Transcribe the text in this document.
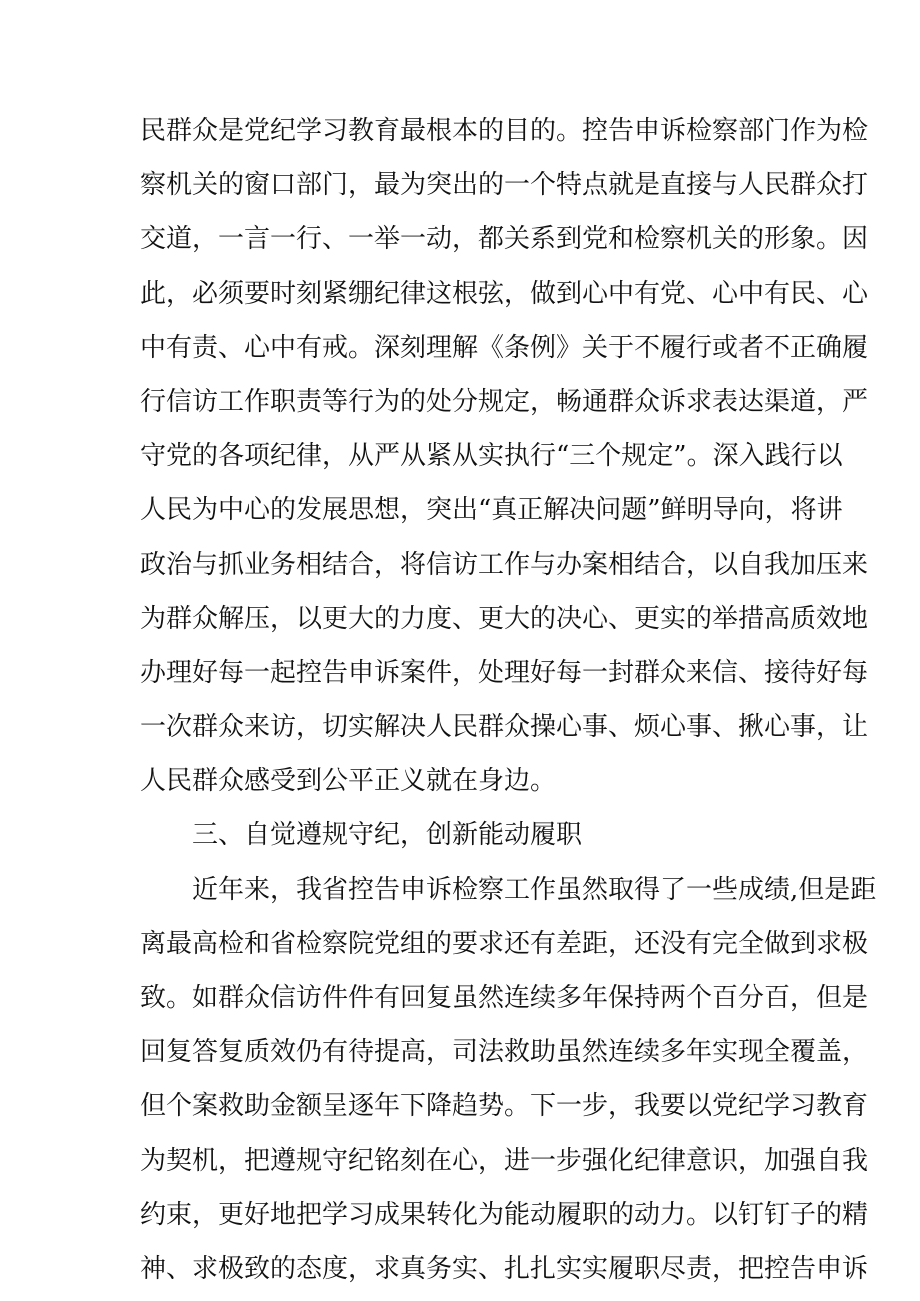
民群众是党纪学习教育最根本的目的。控告申诉检察部门作为检
察机关的窗口部门，最为突出的一个特点就是直接与人民群众打
交道，一言一行、一举一动，都关系到党和检察机关的形象。因
此，必须要时刻紧绷纪律这根弦，做到心中有党、心中有民、心
中有责、心中有戒。深刻理解《条例》关于不履行或者不正确履
行信访工作职责等行为的处分规定，畅通群众诉求表达渠道，严
守党的各项纪律，从严从紧从实执行“三个规定”。深入践行以
人民为中心的发展思想，突出“真正解决问题”鲜明导向，将讲
政治与抓业务相结合，将信访工作与办案相结合，以自我加压来
为群众解压，以更大的力度、更大的决心、更实的举措高质效地
办理好每一起控告申诉案件，处理好每一封群众来信、接待好每
一次群众来访，切实解决人民群众操心事、烦心事、揪心事，让
人民群众感受到公平正义就在身边。
三、自觉遵规守纪，创新能动履职
近年来，我省控告申诉检察工作虽然取得了一些成绩,但是距
离最高检和省检察院党组的要求还有差距，还没有完全做到求极
致。如群众信访件件有回复虽然连续多年保持两个百分百，但是
回复答复质效仍有待提高，司法救助虽然连续多年实现全覆盖，
但个案救助金额呈逐年下降趋势。下一步，我要以党纪学习教育
为契机，把遵规守纪铭刻在心，进一步强化纪律意识，加强自我
约束，更好地把学习成果转化为能动履职的动力。以钉钉子的精
神、求极致的态度，求真务实、扎扎实实履职尽责，把控告申诉
